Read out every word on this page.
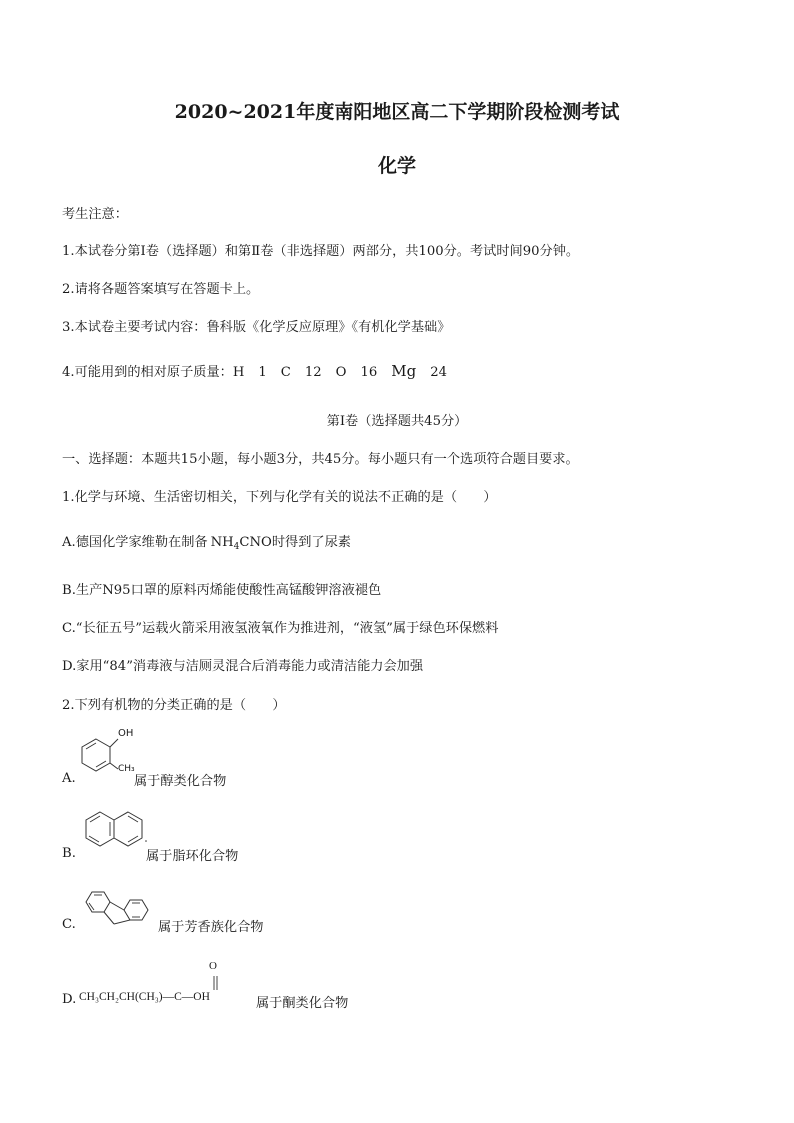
2020~2021年度南阳地区高二下学期阶段检测考试
化学
考生注意：
1.本试卷分第Ⅰ卷（选择题）和第Ⅱ卷（非选择题）两部分，共100分。考试时间90分钟。
2.请将各题答案填写在答题卡上。
3.本试卷主要考试内容：鲁科版《化学反应原理》《有机化学基础》
4.可能用到的相对原子质量：H 1 C 12 O 16 Mg 24
第Ⅰ卷（选择题共45分）
一、选择题：本题共15小题，每小题3分，共45分。每小题只有一个选项符合题目要求。
1.化学与环境、生活密切相关，下列与化学有关的说法不正确的是（　　）
A.德国化学家维勒在制备 $NH_4CNO$时得到了尿素
B.生产N95口罩的原料丙烯能使酸性高锰酸钾溶液褪色
C.“长征五号”运载火箭采用液氢液氧作为推进剂，“液氢”属于绿色环保燃料
D.家用“84”消毒液与洁厕灵混合后消毒能力或清洁能力会加强
2.下列有机物的分类正确的是（　　）
A.
OH
CH₃
属于醇类化合物
B.	属于脂环化合物
C.	属于芳香族化合物
D. CH₃CH₂CH(CH₃)—C—OH
O
属于酮类化合物
